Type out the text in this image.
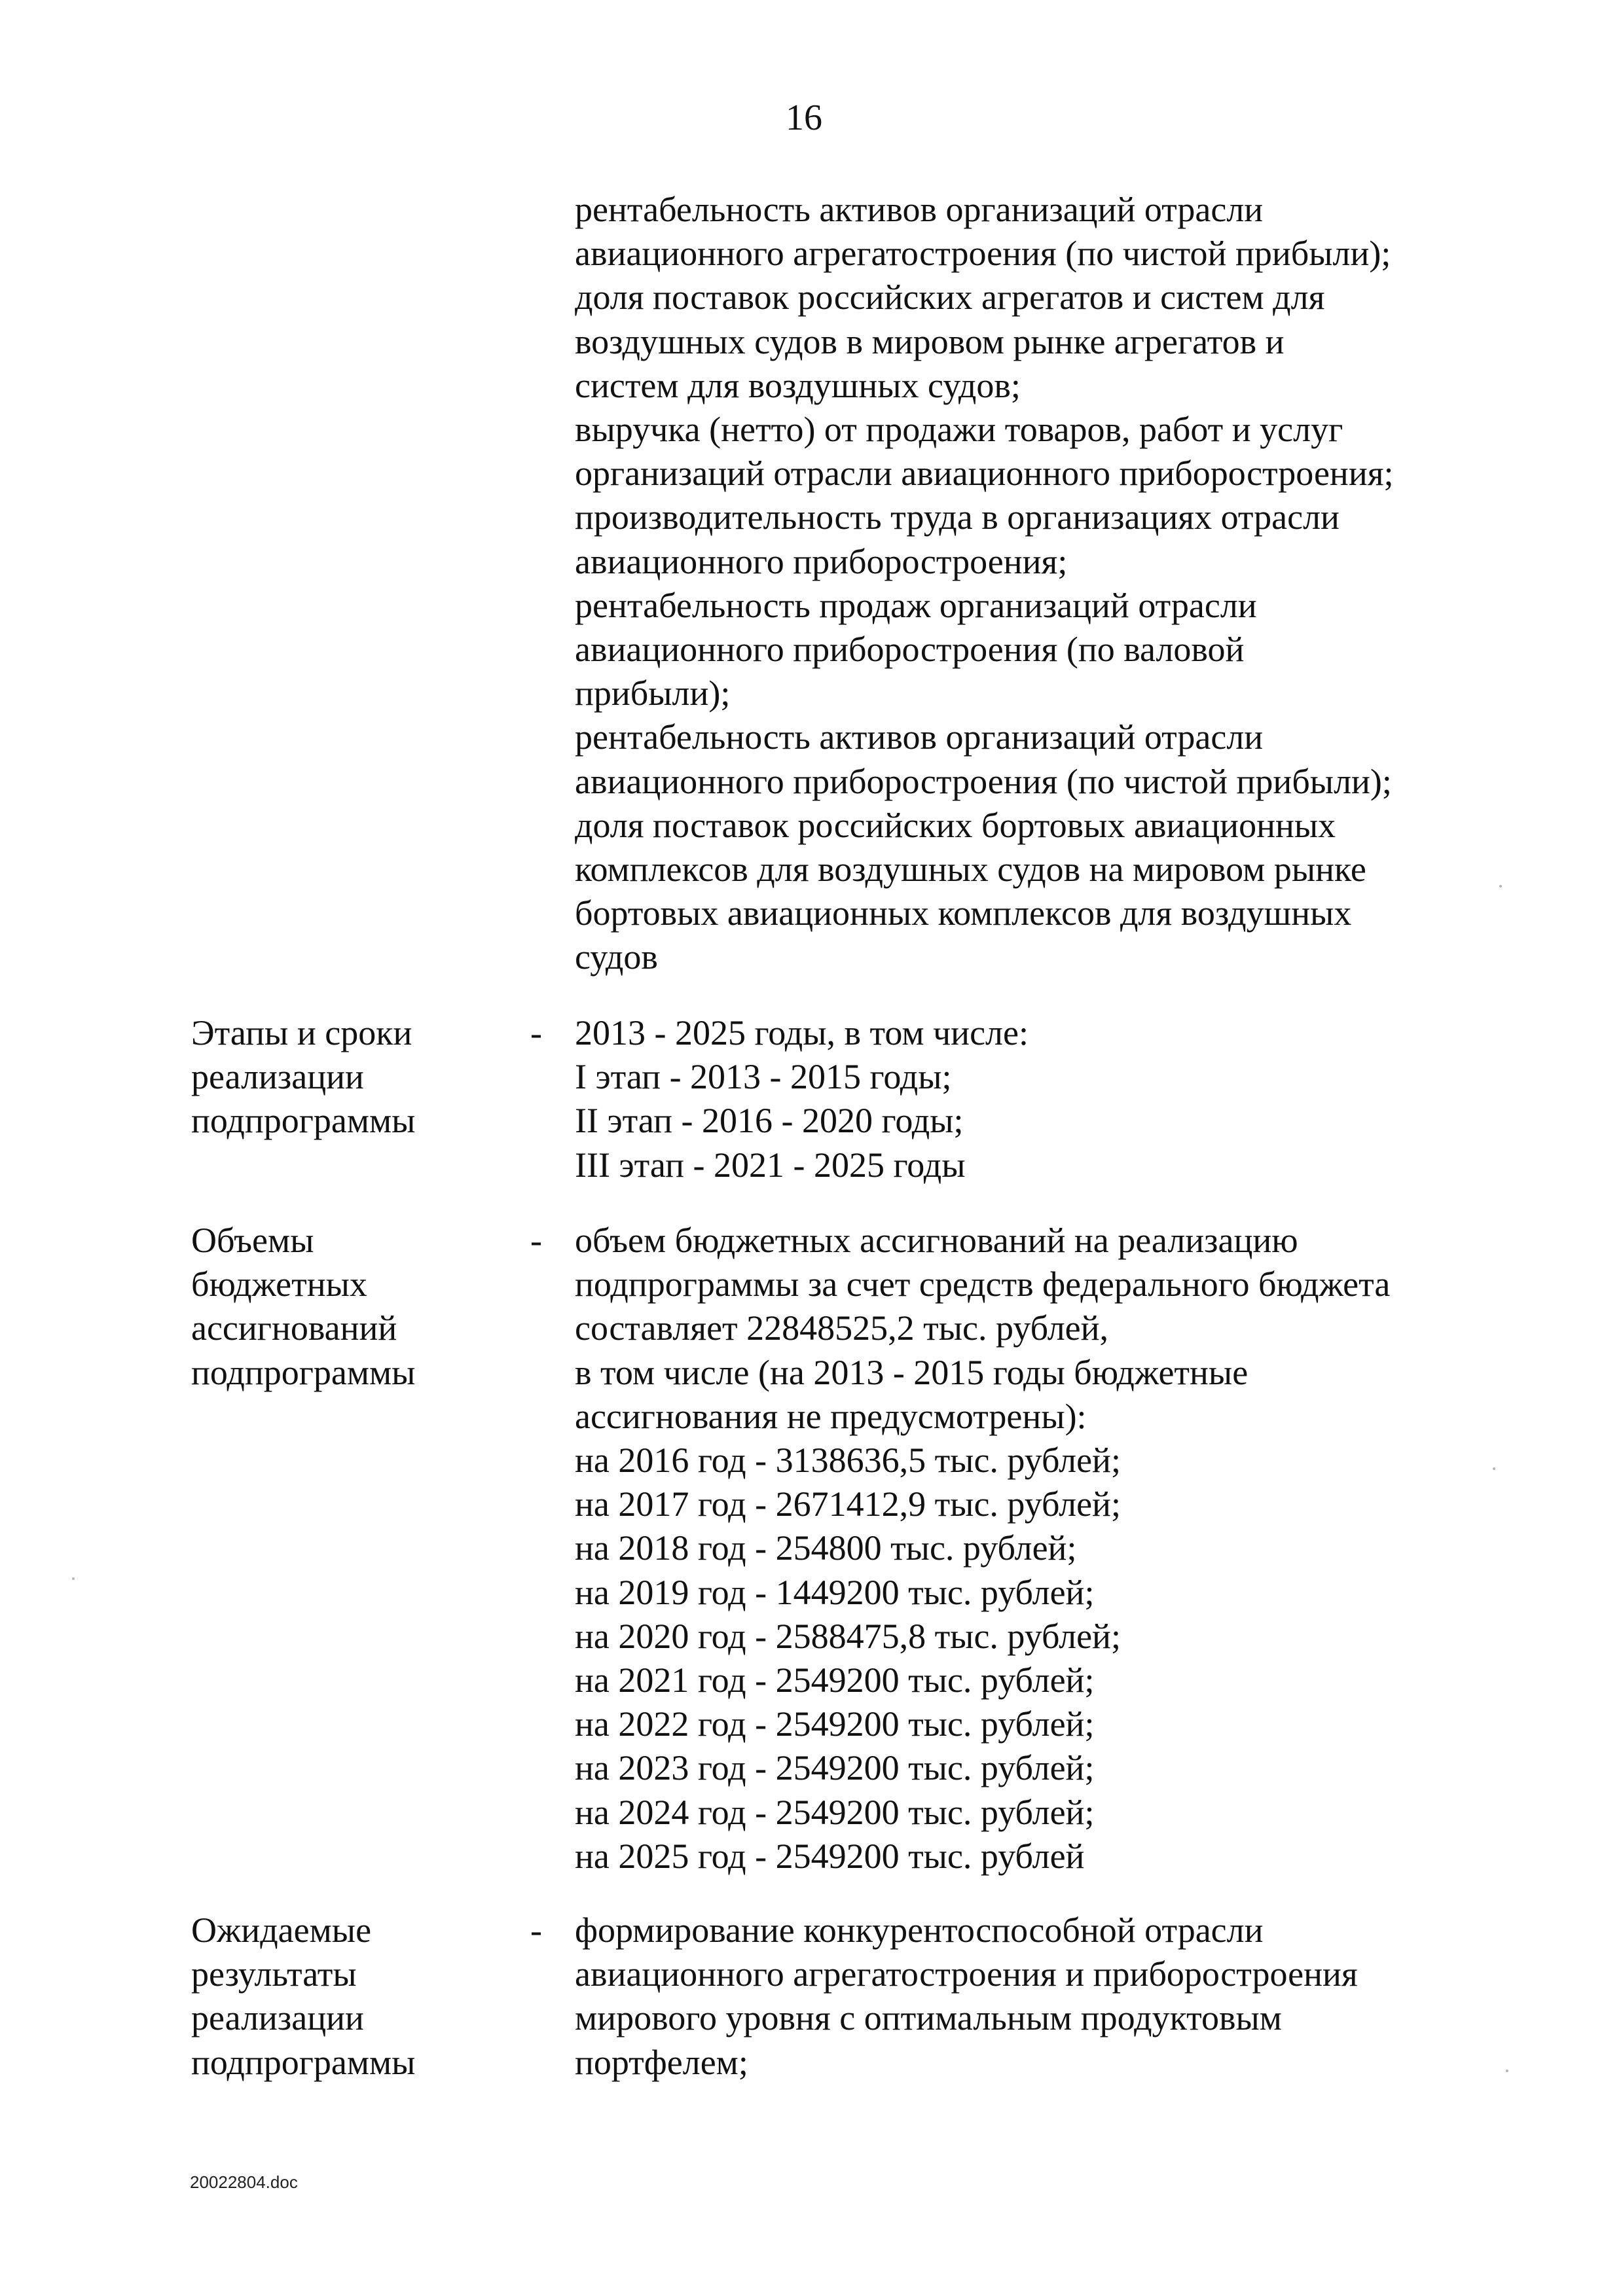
16
рентабельность активов организаций отрасли
авиационного агрегатостроения (по чистой прибыли);
доля поставок российских агрегатов и систем для
воздушных судов в мировом рынке агрегатов и
систем для воздушных судов;
выручка (нетто) от продажи товаров, работ и услуг
организаций отрасли авиационного приборостроения;
производительность труда в организациях отрасли
авиационного приборостроения;
рентабельность продаж организаций отрасли
авиационного приборостроения (по валовой
прибыли);
рентабельность активов организаций отрасли
авиационного приборостроения (по чистой прибыли);
доля поставок российских бортовых авиационных
комплексов для воздушных судов на мировом рынке
бортовых авиационных комплексов для воздушных
судов
Этапы и сроки
реализации
подпрограммы
- 2013 - 2025 годы, в том числе:
I этап - 2013 - 2015 годы;
II этап - 2016 - 2020 годы;
III этап - 2021 - 2025 годы
Объемы
бюджетных
ассигнований
подпрограммы
- объем бюджетных ассигнований на реализацию
подпрограммы за счет средств федерального бюджета
составляет 22848525,2 тыс. рублей,
в том числе (на 2013 - 2015 годы бюджетные
ассигнования не предусмотрены):
на 2016 год - 3138636,5 тыс. рублей;
на 2017 год - 2671412,9 тыс. рублей;
на 2018 год - 254800 тыс. рублей;
на 2019 год - 1449200 тыс. рублей;
на 2020 год - 2588475,8 тыс. рублей;
на 2021 год - 2549200 тыс. рублей;
на 2022 год - 2549200 тыс. рублей;
на 2023 год - 2549200 тыс. рублей;
на 2024 год - 2549200 тыс. рублей;
на 2025 год - 2549200 тыс. рублей
Ожидаемые
результаты
реализации
подпрограммы
- формирование конкурентоспособной отрасли
авиационного агрегатостроения и приборостроения
мирового уровня с оптимальным продуктовым
портфелем;
20022804.doc
